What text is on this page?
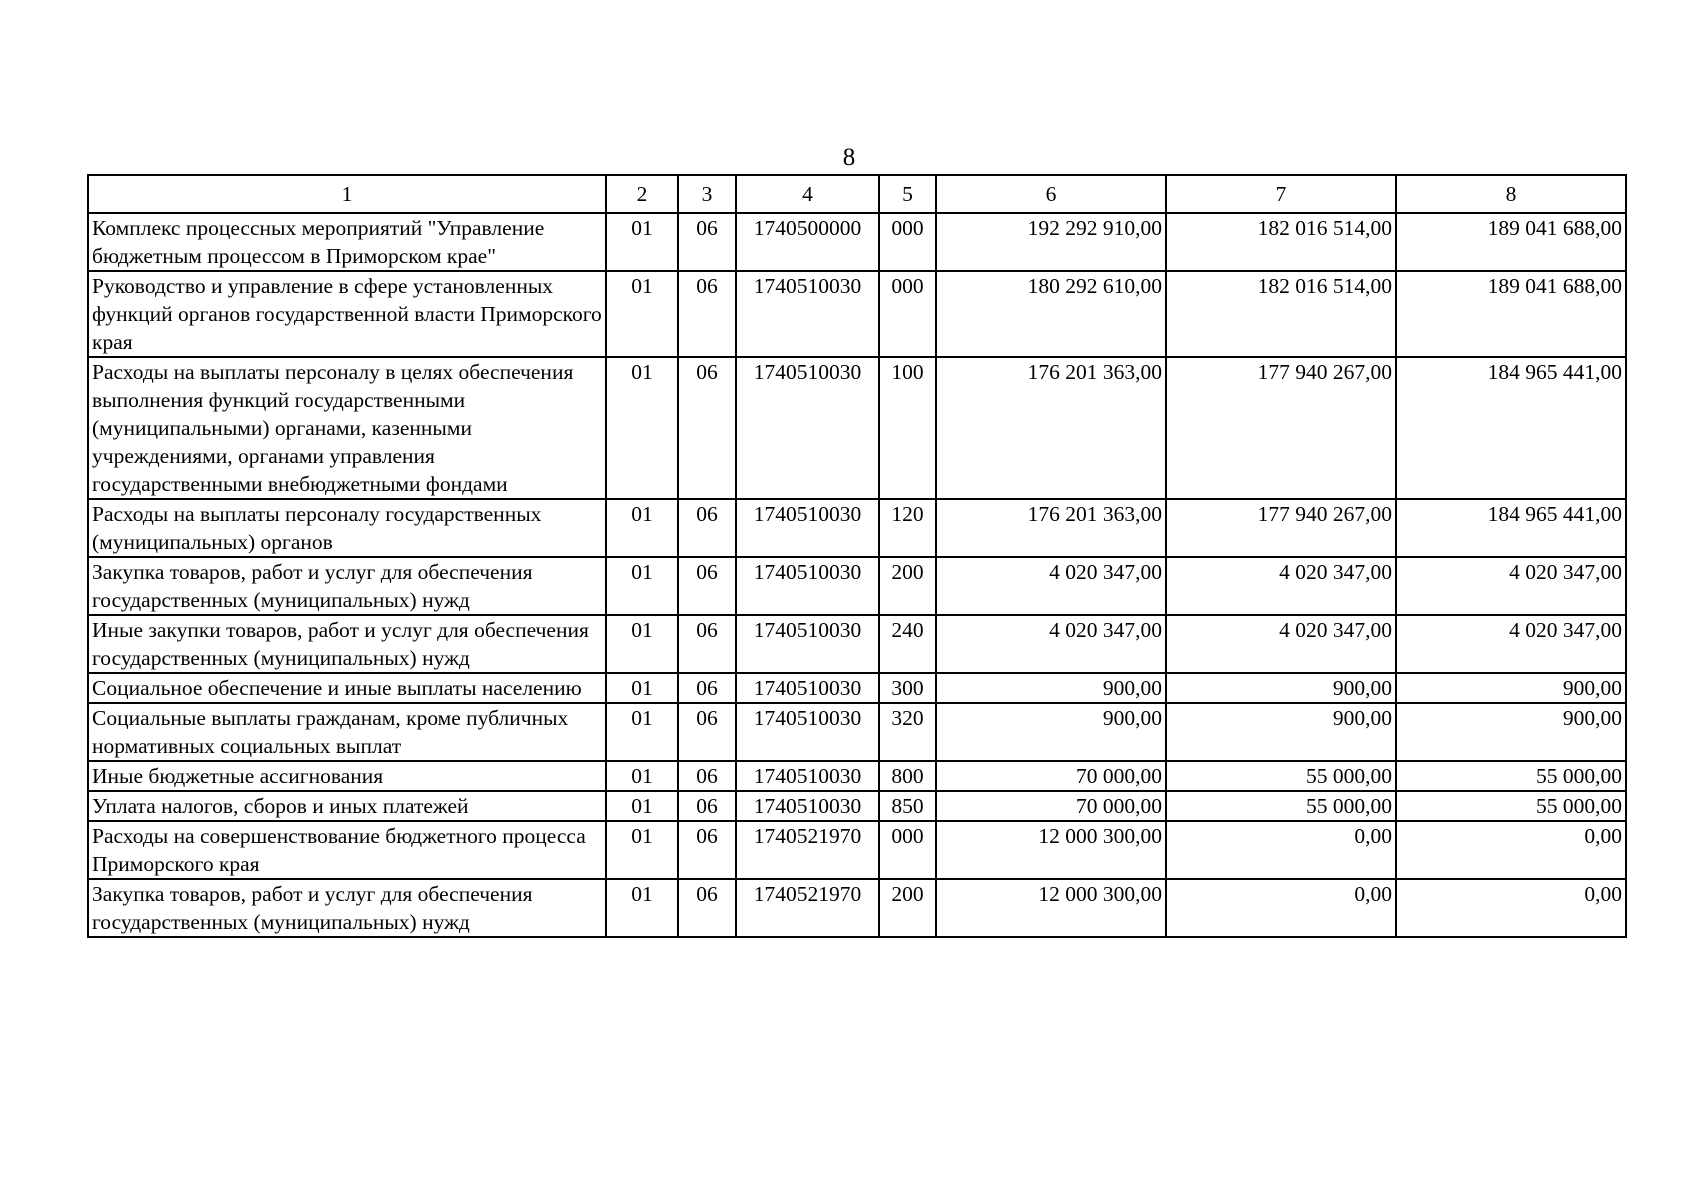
8
1	2	3	4	5	6	7	8
Комплекс процессных мероприятий "Управление бюджетным процессом в Приморском крае"	01	06	1740500000	000	192 292 910,00	182 016 514,00	189 041 688,00
Руководство и управление в сфере установленных функций органов государственной власти Приморского края	01	06	1740510030	000	180 292 610,00	182 016 514,00	189 041 688,00
Расходы на выплаты персоналу в целях обеспечения выполнения функций государственными (муниципальными) органами, казенными учреждениями, органами управления государственными внебюджетными фондами	01	06	1740510030	100	176 201 363,00	177 940 267,00	184 965 441,00
Расходы на выплаты персоналу государственных (муниципальных) органов	01	06	1740510030	120	176 201 363,00	177 940 267,00	184 965 441,00
Закупка товаров, работ и услуг для обеспечения государственных (муниципальных) нужд	01	06	1740510030	200	4 020 347,00	4 020 347,00	4 020 347,00
Иные закупки товаров, работ и услуг для обеспечения государственных (муниципальных) нужд	01	06	1740510030	240	4 020 347,00	4 020 347,00	4 020 347,00
Социальное обеспечение и иные выплаты населению	01	06	1740510030	300	900,00	900,00	900,00
Социальные выплаты гражданам, кроме публичных нормативных социальных выплат	01	06	1740510030	320	900,00	900,00	900,00
Иные бюджетные ассигнования	01	06	1740510030	800	70 000,00	55 000,00	55 000,00
Уплата налогов, сборов и иных платежей	01	06	1740510030	850	70 000,00	55 000,00	55 000,00
Расходы на совершенствование бюджетного процесса Приморского края	01	06	1740521970	000	12 000 300,00	0,00	0,00
Закупка товаров, работ и услуг для обеспечения государственных (муниципальных) нужд	01	06	1740521970	200	12 000 300,00	0,00	0,00
